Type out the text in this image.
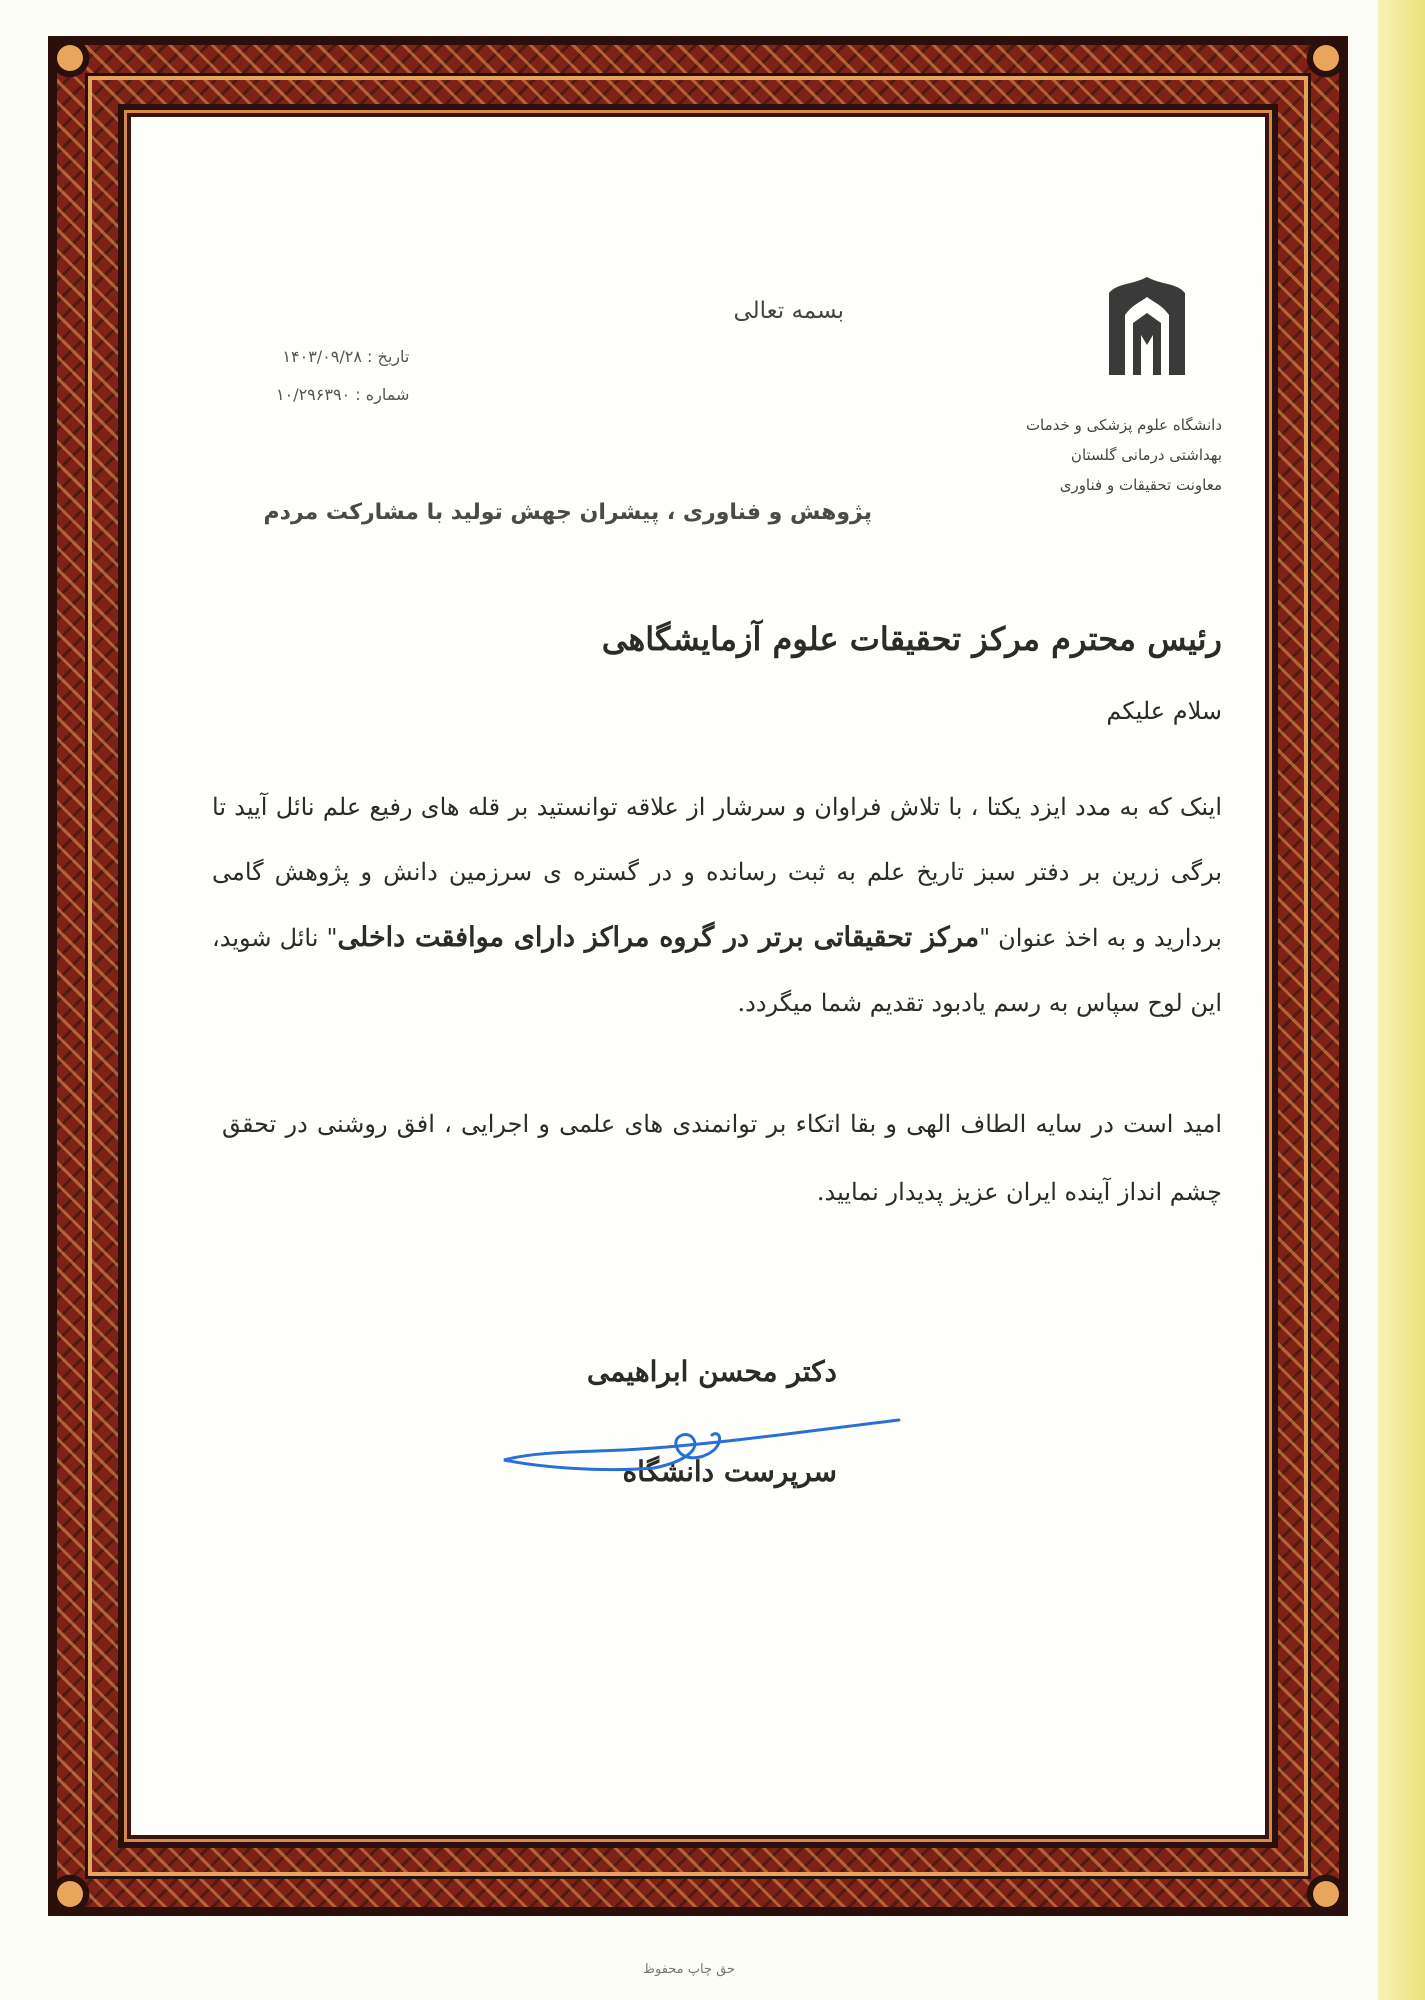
بسمه تعالی
تاریخ : ۱۴۰۳/۰۹/۲۸
شماره : ۱۰/۲۹۶۳۹۰
دانشگاه علوم پزشکی و خدمات
بهداشتی درمانی گلستان
معاونت تحقیقات و فناوری
پژوهش و فناوری ، پیشران جهش تولید با مشارکت مردم
رئیس محترم مرکز تحقیقات علوم آزمایشگاهی
سلام علیکم
اینک که به مدد ایزد یکتا ، با تلاش فراوان و سرشار از علاقه توانستید بر قله های رفیع علم نائل آیید تا برگی زرین بر دفتر سبز تاریخ علم به ثبت رسانده و در گستره ی سرزمین دانش و پژوهش گامی بردارید و به اخذ عنوان "مرکز تحقیقاتی برتر در گروه مراکز دارای موافقت داخلی" نائل شوید، این لوح سپاس به رسم یادبود تقدیم شما میگردد.
امید است در سایه الطاف الهی و بقا اتکاء بر توانمندی های علمی و اجرایی ، افق روشنی در تحقق چشم انداز آینده ایران عزیز پدیدار نمایید.
دکتر محسن ابراهیمی
سرپرست دانشگاه
حق چاپ محفوظ
